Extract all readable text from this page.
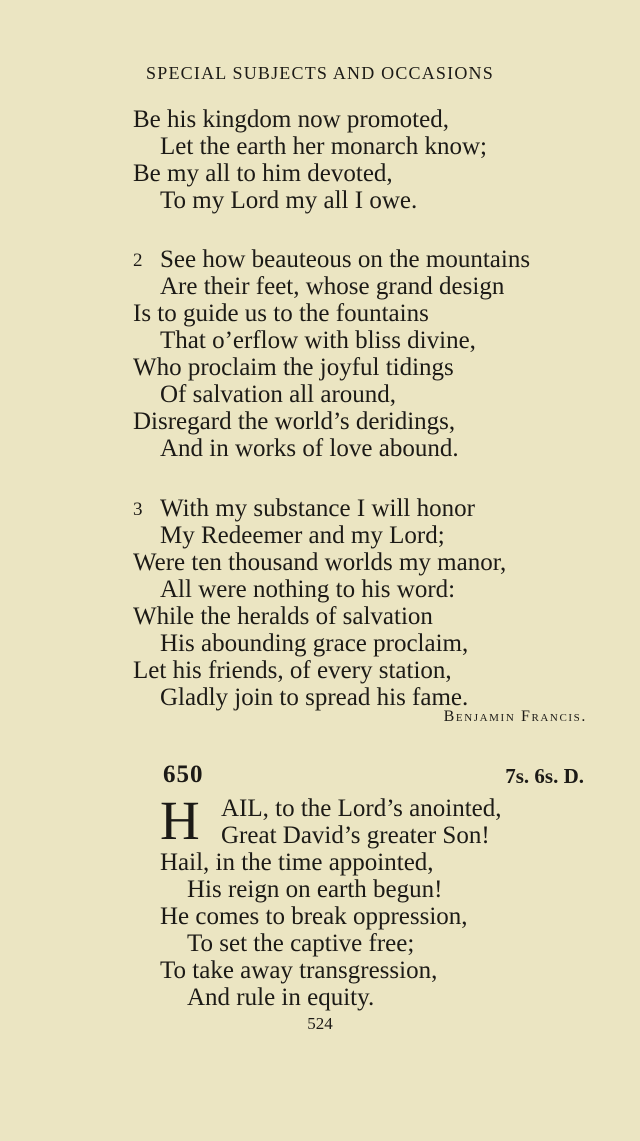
SPECIAL SUBJECTS AND OCCASIONS
Be his kingdom now promoted,
Let the earth her monarch know;
Be my all to him devoted,
To my Lord my all I owe.
2 See how beauteous on the mountains
Are their feet, whose grand design
Is to guide us to the fountains
That o’erflow with bliss divine,
Who proclaim the joyful tidings
Of salvation all around,
Disregard the world’s deridings,
And in works of love abound.
3 With my substance I will honor
My Redeemer and my Lord;
Were ten thousand worlds my manor,
All were nothing to his word:
While the heralds of salvation
His abounding grace proclaim,
Let his friends, of every station,
Gladly join to spread his fame.
Benjamin Francis.
650	7s. 6s. D.
H AIL, to the Lord’s anointed,
Great David’s greater Son!
Hail, in the time appointed,
His reign on earth begun!
He comes to break oppression,
To set the captive free;
To take away transgression,
And rule in equity.
524
